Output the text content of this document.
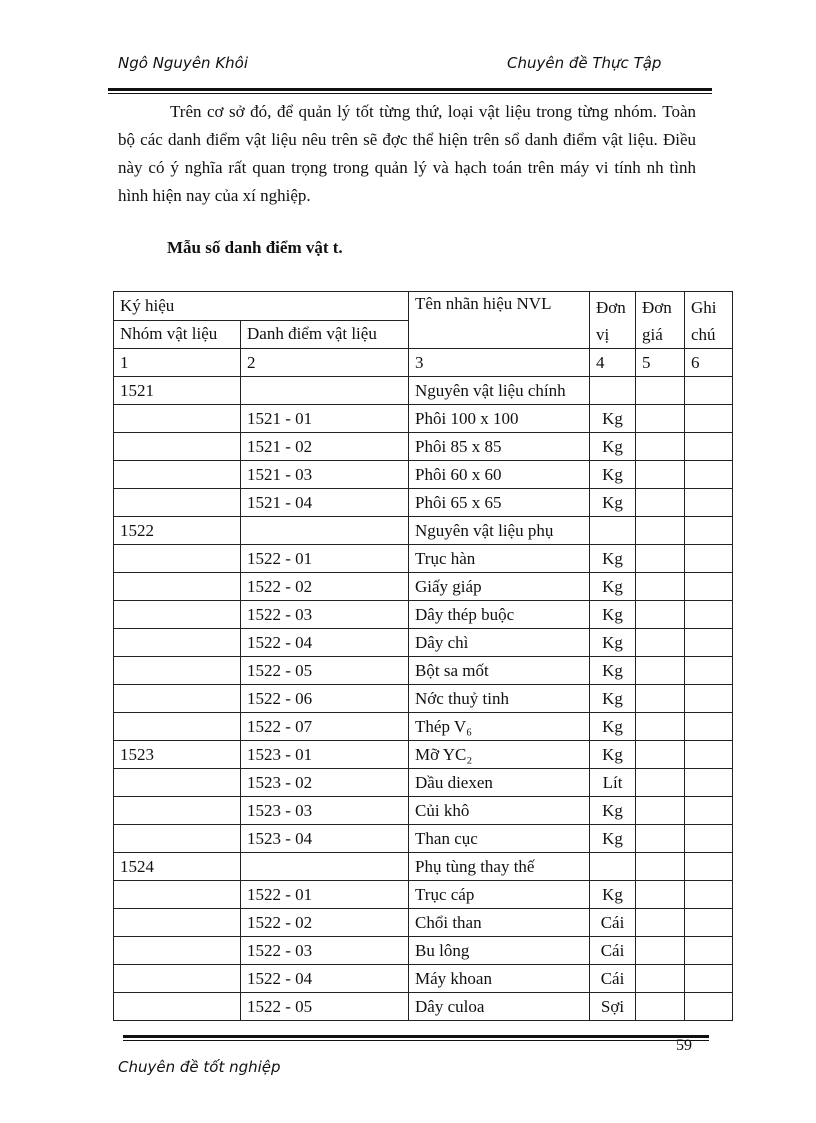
Ngô Nguyên Khôi	Chuyên đề Thực Tập

Trên cơ sở đó, để quản lý tốt từng thứ, loại vật liệu trong từng nhóm. Toàn bộ các danh điểm vật liệu nêu trên sẽ đợc thể hiện trên sổ danh điểm vật liệu. Điều này có ý nghĩa rất quan trọng trong quản lý và hạch toán trên máy vi tính nh tình hình hiện nay của xí nghiệp.

Mẫu số danh điểm vật t.
Ký hiệu		Tên nhãn hiệu NVL	Đơn vị	Đơn giá	Ghi chú
Nhóm vật liệu	Danh điểm vật liệu				
1	2	3	4	5	6
1521		Nguyên vật liệu chính			
	1521 - 01	Phôi 100 x 100	Kg		
	1521 - 02	Phôi 85 x 85	Kg		
	1521 - 03	Phôi 60 x 60	Kg		
	1521 - 04	Phôi 65 x 65	Kg		
1522		Nguyên vật liệu phụ			
	1522 - 01	Trục hàn	Kg		
	1522 - 02	Giấy giáp	Kg		
	1522 - 03	Dây thép buộc	Kg		
	1522 - 04	Dây chì	Kg		
	1522 - 05	Bột sa mốt	Kg		
	1522 - 06	Nớc thuỷ tinh	Kg		
	1522 - 07	Thép V₆	Kg		
1523	1523 - 01	Mỡ YC₂	Kg		
	1523 - 02	Dầu diexen	Lít		
	1523 - 03	Củi khô	Kg		
	1523 - 04	Than cục	Kg		
1524		Phụ tùng thay thế			
	1522 - 01	Trục cáp	Kg		
	1522 - 02	Chổi than	Cái		
	1522 - 03	Bu lông	Cái		
	1522 - 04	Máy khoan	Cái		
	1522 - 05	Dây culoa	Sợi		
59
Chuyên đề tốt nghiệp
